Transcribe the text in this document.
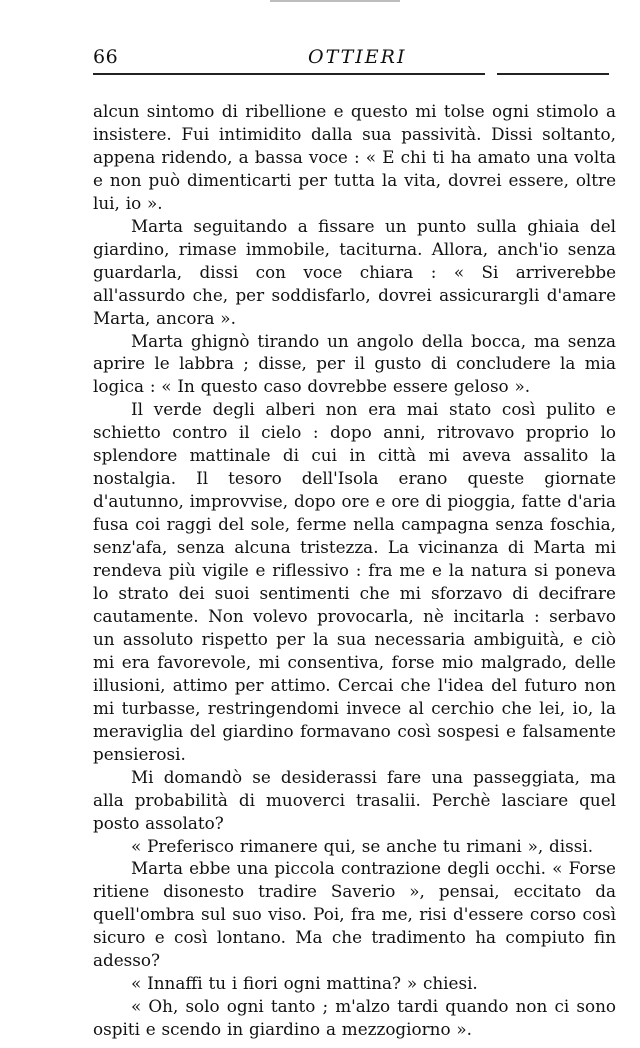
66	OTTIERI

alcun sintomo di ribellione e questo mi tolse ogni stimolo a insistere. Fui intimidito dalla sua passività. Dissi soltanto, appena ridendo, a bassa voce : « E chi ti ha amato una volta e non può dimenticarti per tutta la vita, dovrei essere, oltre lui, io ».

Marta seguitando a fissare un punto sulla ghiaia del giardino, rimase immobile, taciturna. Allora, anch'io senza guardarla, dissi con voce chiara : « Si arriverebbe all'assurdo che, per soddisfarlo, dovrei assicurargli d'amare Marta, ancora ».

Marta ghignò tirando un angolo della bocca, ma senza aprire le labbra ; disse, per il gusto di concludere la mia logica : « In questo caso dovrebbe essere geloso ».

Il verde degli alberi non era mai stato così pulito e schietto contro il cielo : dopo anni, ritrovavo proprio lo splendore mattinale di cui in città mi aveva assalito la nostalgia. Il tesoro dell'Isola erano queste giornate d'autunno, improvvise, dopo ore e ore di pioggia, fatte d'aria fusa coi raggi del sole, ferme nella campagna senza foschia, senz'afa, senza alcuna tristezza. La vicinanza di Marta mi rendeva più vigile e riflessivo : fra me e la natura si poneva lo strato dei suoi sentimenti che mi sforzavo di decifrare cautamente. Non volevo provocarla, nè incitarla : serbavo un assoluto rispetto per la sua necessaria ambiguità, e ciò mi era favorevole, mi consentiva, forse mio malgrado, delle illusioni, attimo per attimo. Cercai che l'idea del futuro non mi turbasse, restringendomi invece al cerchio che lei, io, la meraviglia del giardino formavano così sospesi e falsamente pensierosi.

Mi domandò se desiderassi fare una passeggiata, ma alla probabilità di muoverci trasalii. Perchè lasciare quel posto assolato?

« Preferisco rimanere qui, se anche tu rimani », dissi.

Marta ebbe una piccola contrazione degli occhi. « Forse ritiene disonesto tradire Saverio », pensai, eccitato da quell'ombra sul suo viso. Poi, fra me, risi d'essere corso così sicuro e così lontano. Ma che tradimento ha compiuto fin adesso?

« Innaffi tu i fiori ogni mattina? » chiesi.

« Oh, solo ogni tanto ; m'alzo tardi quando non ci sono ospiti e scendo in giardino a mezzogiorno ».
